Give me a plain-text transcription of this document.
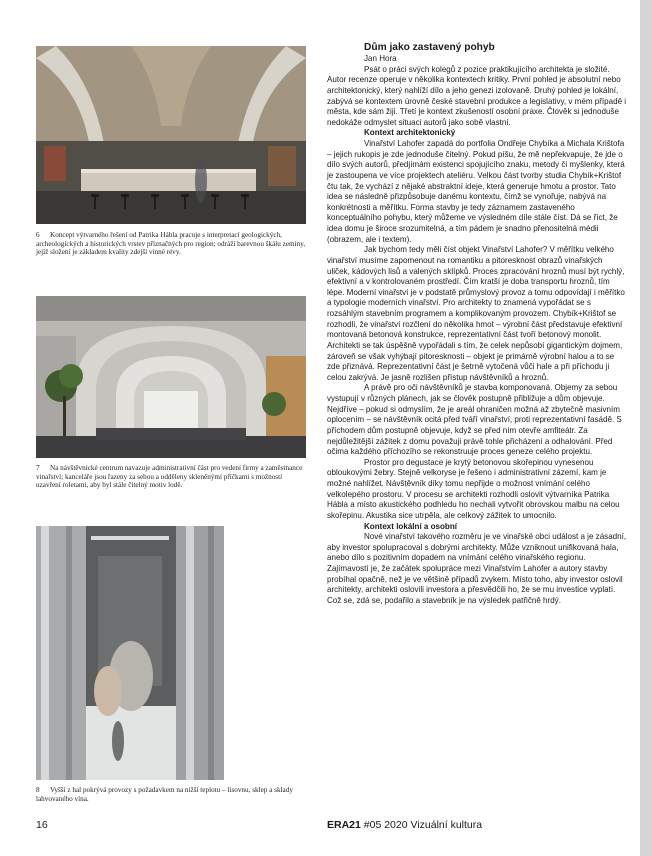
6 Koncept výtvarného řešení od Patrika Hábla pracuje s interpretací geologických, archeologických a historických vrstev příznačných pro region; odráží barevnou škálu zeminy, jejíž složení je základem kvality zdejší vinné révy.
7 Na návštěvnické centrum navazuje administrativní část pro vedení firmy a zaměstnance vinařství; kanceláře jsou řazeny za sebou a odděleny skleněnými příčkami s možností uzavření roletami, aby byl stále čitelný motiv lodě.
8 Vyšší z hal pokrývá provozy s požadavkem na nižší teplotu – lisovnu, sklep a sklady lahvovaného vína.

Dům jako zastavený pohyb

Jan Hora

Psát o práci svých kolegů z pozice praktikujícího architekta je složité. Autor recenze operuje v několika kontextech kritiky. První pohled je absolutní nebo architektonický, který nahlíží dílo a jeho genezi izolovaně. Druhý pohled je lokální, zabývá se kontextem úrovně české stavební produkce a legislativy, v mém případě i města, kde sám žiji. Třetí je kontext zkušeností osobní praxe. Člověk si jednoduše nedokáže odmyslet situaci autorů jako sobě vlastní.

Kontext architektonický

Vinařství Lahofer zapadá do portfolia Ondřeje Chybíka a Michala Krištofa – jejich rukopis je zde jednoduše čitelný. Pokud píšu, že mě nepřekvapuje, že jde o dílo svých autorů, předjímám existenci spojujícího znaku, metody či myšlenky, která je zastoupena ve více projektech ateliéru. Velkou část tvorby studia Chybík+Krištof čtu tak, že vychází z nějaké abstraktní ideje, která generuje hmotu a prostor. Tato idea se následně přizpůsobuje danému kontextu, čímž se vynořuje, nabývá na konkrétnosti a měřítku. Forma stavby je tedy záznamem zastaveného konceptuálního pohybu, který můžeme ve výsledném díle stále číst. Dá se říct, že idea domu je široce srozumitelná, a tím pádem je snadno přenositelná médii (obrazem, ale i textem).

Jak bychom tedy měli číst objekt Vinařství Lahofer? V měřítku velkého vinařství musíme zapomenout na romantiku a pitoresknost obrazů vinařských uliček, kádových lisů a valených sklípků. Proces zpracování hroznů musí být rychlý, efektivní a v kontrolovaném prostředí. Čím kratší je doba transportu hroznů, tím lépe. Moderní vinařství je v podstatě průmyslový provoz a tomu odpovídají i měřítko a typologie moderních vinařství. Pro architekty to znamená vypořádat se s rozsáhlým stavebním programem a komplikovaným provozem. Chybík+Krištof se rozhodli, že vinařství rozčlení do několika hmot – výrobní část představuje efektivní montovaná betonová konstrukce, reprezentativní část tvoří betonový monolit. Architekti se tak úspěšně vypořádali s tím, že celek nepůsobí gigantickým dojmem, zároveň se však vyhýbají pitoresknosti – objekt je primárně výrobní halou a to se zde přiznává. Reprezentativní část je šetrně vytočená vůči hale a při příchodu ji celou zakrývá. Je jasně rozlišen přístup návštěvníků a hroznů.

A právě pro oči návštěvníků je stavba komponovaná. Objemy za sebou vystupují v různých plánech, jak se člověk postupně přibližuje a dům objevuje. Nejdříve – pokud si odmyslím, že je areál ohraničen možná až zbytečně masivním oplocením – se návštěvník ocitá před tváří vinařství, proti reprezentativní fasádě. S příchodem dům postupně objevuje, když se před ním otevře amfiteátr. Za nejdůležitější zážitek z domu považuji právě tohle přicházení a odhalování. Před očima každého příchozího se rekonstruuje proces geneze celého projektu.

Prostor pro degustace je krytý betonovou skořepinou vynesenou obloukovými žebry. Stejně velkoryse je řešeno i administrativní zázemí, kam je možné nahlížet. Návštěvník díky tomu nepřijde o možnost vnímání celého velkolepého prostoru. V procesu se architekti rozhodli oslovit výtvarníka Patrika Hábla a místo akustického podhledu ho nechali vytvořit obrovskou malbu na celou skořepinu. Akustika sice utrpěla, ale celkový zážitek to umocnilo.

Kontext lokální a osobní

Nové vinařství takového rozměru je ve vinařské obci událost a je zásadní, aby investor spolupracoval s dobrými architekty. Může vzniknout unifikovaná hala, anebo dílo s pozitivním dopadem na vnímání celého vinařského regionu. Zajímavostí je, že začátek spolupráce mezi Vinařstvím Lahofer a autory stavby probíhal opačně, než je ve většině případů zvykem. Místo toho, aby investor oslovil architekty, architekti oslovili investora a přesvědčili ho, že se mu investice vyplatí. Což se, zdá se, podařilo a stavebník je na výsledek patřičně hrdý.

16	ERA21 #05 2020 Vizuální kultura
